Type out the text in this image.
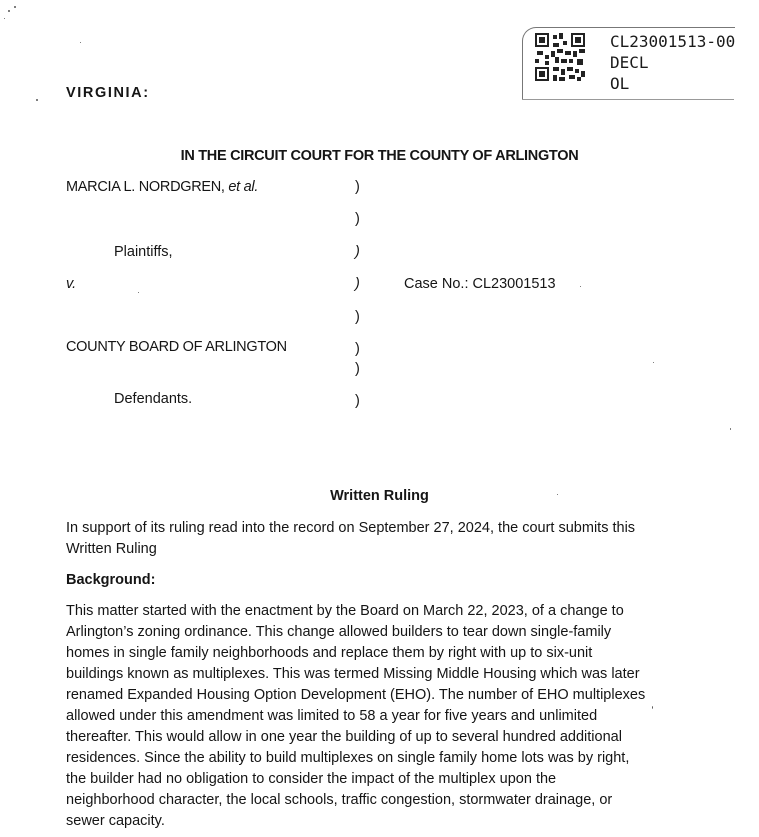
CL23001513-00
DECL
OL
VIRGINIA:
IN THE CIRCUIT COURT FOR THE COUNTY OF ARLINGTON
MARCIA L. NORDGREN, et al.
Plaintiffs,
v.	Case No.: CL23001513
COUNTY BOARD OF ARLINGTON
Defendants.
)
)
)
)
)
)
)
)
Written Ruling
In support of its ruling read into the record on September 27, 2024, the court submits this
Written Ruling
Background:
This matter started with the enactment by the Board on March 22, 2023, of a change to
Arlington’s zoning ordinance. This change allowed builders to tear down single-family
homes in single family neighborhoods and replace them by right with up to six-unit
buildings known as multiplexes. This was termed Missing Middle Housing which was later
renamed Expanded Housing Option Development (EHO). The number of EHO multiplexes
allowed under this amendment was limited to 58 a year for five years and unlimited
thereafter. This would allow in one year the building of up to several hundred additional
residences. Since the ability to build multiplexes on single family home lots was by right,
the builder had no obligation to consider the impact of the multiplex upon the
neighborhood character, the local schools, traffic congestion, stormwater drainage, or
sewer capacity.
